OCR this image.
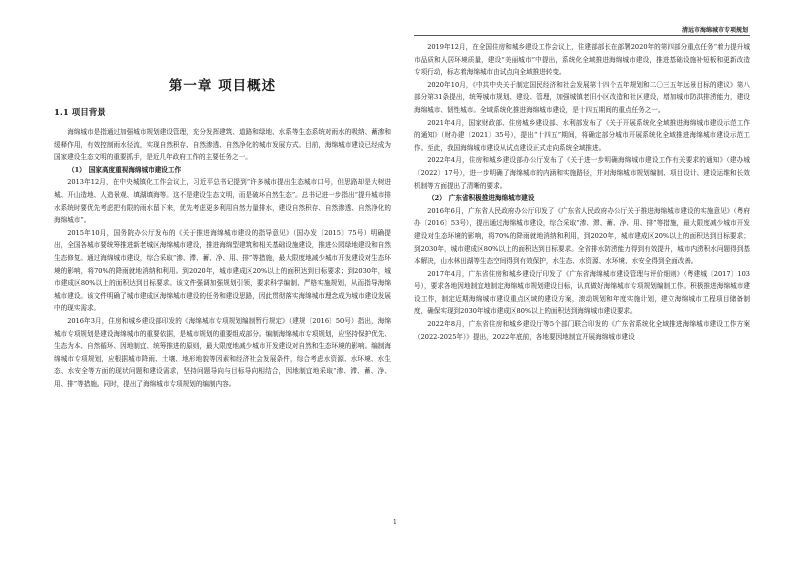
清远市海绵城市专项规划
第一章 项目概述
1.1 项目背景

海绵城市是指通过加强城市规划建设管理，充分发挥建筑、道路和绿地、水系等生态系统对雨水的吸纳、蓄渗和缓释作用，有效控制雨水径流，实现自然积存、自然渗透、自然净化的城市发展方式。目前，海绵城市建设已经成为国家建设生态文明的重要抓手，是近几年政府工作的主要任务之一。

（1） 国家高度重视海绵城市建设工作

2013年12月，在中央城镇化工作会议上，习近平总书记提到“许多城市提出生态城市口号，但思路却是大树进城、开山造地、人造景观、填湖填海等。这不是建设生态文明，而是破坏自然生态”。总书记进一步指出“提升城市排水系统时要优先考虑把有限的雨水留下来，优先考虑更多利用自然力量排水，建设自然积存、自然渗透、自然净化的海绵城市”。

2015年10月，国务院办公厅发布的《关于推进海绵城市建设的指导意见》（国办发〔2015〕75号）明确提出，全国各城市要统筹推进新老城区海绵城市建设，推进海绵型建筑和相关基础设施建设，推进公园绿地建设和自然生态修复。通过海绵城市建设，综合采取“渗、滞、蓄、净、用、排”等措施，最大限度地减少城市开发建设对生态环境的影响，将70%的降雨就地消纳和利用。到2020年，城市建成区20%以上的面积达到目标要求；到2030年，城市建成区80%以上的面积达到目标要求。该文件强调加强规划引领，要求科学编制、严格实施规划，从而指导海绵城市建设。该文件明确了城市建成区海绵城市建设的任务和建设思路，因此贯彻落实海绵城市理念成为城市建设发展中的现实需求。

2016年3月，住房和城乡建设部印发的《海绵城市专项规划编制暂行规定》（建规〔2016〕50号）指出，海绵城市专项规划是建设海绵城市的重要依据，是城市规划的重要组成部分。编制海绵城市专项规划，应坚持保护优先、生态为本、自然循环、因地制宜、统筹推进的原则，最大限度地减少城市开发建设对自然和生态环境的影响。编制海绵城市专项规划，应根据城市降雨、土壤、地形地貌等因素和经济社会发展条件，综合考虑水资源、水环境、水生态、水安全等方面的现状问题和建设需求，坚持问题导向与目标导向相结合，因地制宜地采取“渗、滞、蓄、净、用、排”等措施。同时，提出了海绵城市专项规划的编制内容。

2019年12月，在全国住房和城乡建设工作会议上，住建部部长在部署2020年的第四部分重点任务“着力提升城市品质和人居环境质量，建设“美丽城市”中提出，系统化全域推进海绵城市建设，推进基础设施补短板和更新改造专项行动，标志着海绵城市由试点向全域推进转变。

2020年10月，《中共中央关于制定国民经济和社会发展第十四个五年规划和二〇三五年远景目标的建议》第八部分第31条提出，统筹城市规划、建设、管理，加强城镇老旧小区改造和社区建设，增加城市防洪排涝能力，建设海绵城市、韧性城市。全域系统化推进海绵城市建设，是十四五期间的重点任务之一。

2021年4月，国家财政部、住房城乡建设部、水利部发布了《关于开展系统化全域推进海绵城市建设示范工作的通知》（财办建〔2021〕35号），提出“十四五”期间，将确定部分城市开展系统化全域推进海绵城市建设示范工作。至此，我国海绵城市建设从试点建设正式走向系统全域推进。

2022年4月，住房和城乡建设部办公厅发布了《关于进一步明确海绵城市建设工作有关要求的通知》（建办城〔2022〕17号），进一步明确了海绵城市的内涵和实施路径，并对海绵城市规划编制、项目设计、建设运维和长效机制等方面提出了清晰的要求。

（2） 广东省积极推进海绵城市建设

2016年6月，广东省人民政府办公厅印发了《广东省人民政府办公厅关于推进海绵城市建设的实施意见》（粤府办〔2016〕53号），提出通过海绵城市建设，综合采取“渗、滞、蓄、净、用、排”等措施，最大限度减少城市开发建设对生态环境的影响，将70%的降雨就地消纳和利用，到2020年，城市建成区20%以上的面积达到目标要求；到2030年，城市建成区80%以上的面积达到目标要求。全省排水防涝能力得到有效提升，城市内涝积水问题得到基本解决，山水林田湖等生态空间得到有效保护，水生态、水资源、水环境、水安全得到全面改善。

2017年4月，广东省住房和城乡建设厅印发了《广东省海绵城市建设管理与评价细则》（粤建城〔2017〕103号），要求各地因地制宜地制定海绵城市规划建设目标，认真做好海绵城市专项规划编制工作。积极推进海绵城市建设工作，制定近期海绵城市建设重点区域的建设方案，滚动规划和年度实施计划，建立海绵城市工程项目储备制度，确保实现到2030年城市建成区80%以上的面积达到海绵城市建设要求。

2022年8月，广东省住房和城乡建设厅等5个部门联合印发的《广东省系统化全域推进海绵城市建设工作方案（2022-2025年）》提出，2022年底前，各地要因地制宜开展海绵城市建设

1
